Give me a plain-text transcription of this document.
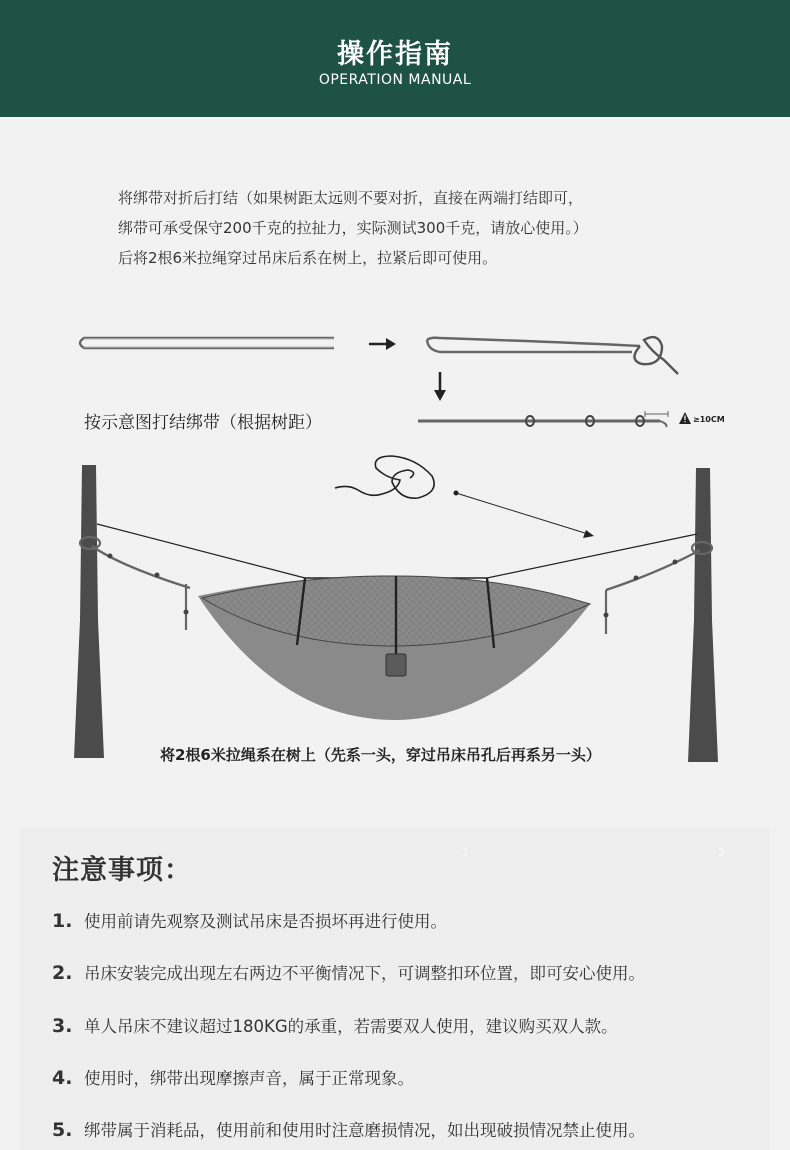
操作指南
OPERATION MANUAL
将绑带对折后打结（如果树距太远则不要对折，直接在两端打结即可，
绑带可承受保守200千克的拉扯力，实际测试300千克，请放心使用。）
后将2根6米拉绳穿过吊床后系在树上，拉紧后即可使用。
按示意图打结绑带（根据树距）	≥10CM
将2根6米拉绳系在树上（先系一头，穿过吊床吊孔后再系另一头）
1	2
注意事项：
1. 使用前请先观察及测试吊床是否损坏再进行使用。
2. 吊床安装完成出现左右两边不平衡情况下，可调整扣环位置，即可安心使用。
3. 单人吊床不建议超过180KG的承重，若需要双人使用，建议购买双人款。
4. 使用时，绑带出现摩擦声音，属于正常现象。
5. 绑带属于消耗品，使用前和使用时注意磨损情况，如出现破损情况禁止使用。
